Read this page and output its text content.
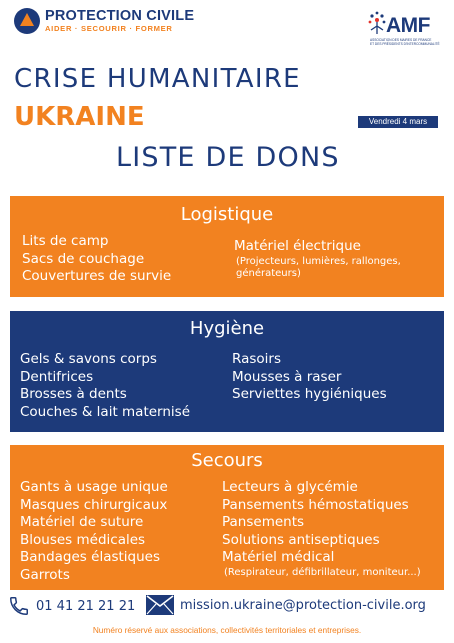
PROTECTION CIVILE
AIDER · SECOURIR · FORMER	AMF
ASSOCIATION DES MAIRES DE FRANCE
ET DES PRÉSIDENTS D'INTERCOMMUNALITÉ
CRISE HUMANITAIRE
UKRAINE	Vendredi 4 mars
LISTE DE DONS
Logistique
Lits de camp
Sacs de couchage
Couvertures de survie
Matériel électrique
(Projecteurs, lumières, rallonges,
générateurs)
Hygiène
Gels & savons corps
Dentifrices
Brosses à dents
Couches & lait maternisé
Rasoirs
Mousses à raser
Serviettes hygiéniques
Secours
Gants à usage unique
Masques chirurgicaux
Matériel de suture
Blouses médicales
Bandages élastiques
Garrots
Lecteurs à glycémie
Pansements hémostatiques
Pansements
Solutions antiseptiques
Matériel médical
(Respirateur, défibrillateur, moniteur...)
01 41 21 21 21	mission.ukraine@protection-civile.org
Numéro réservé aux associations, collectivités territoriales et entreprises.
